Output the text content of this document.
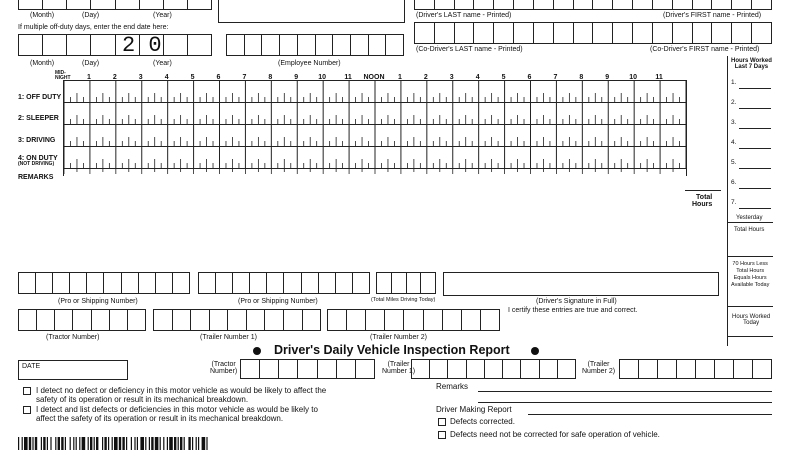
(Month)	(Day)	(Year)	(Driver's LAST name - Printed)	(Driver's FIRST name - Printed)
If multiple off-duty days, enter the end date here:
2 0	(Co-Driver's LAST name - Printed)	(Co-Driver's FIRST name - Printed)
(Month)	(Day)	(Year)	(Employee Number)
MID-
NIGHT 1	2	3	4	5	6	7	8	9	10	11 NOON 1	2	3	4	5	6	7	8	9	10	11
1: OFF DUTY
2: SLEEPER
3: DRIVING
4: ON DUTY
(NOT DRIVING)
REMARKS
Total
Hours
Hours Worked
Last 7 Days
1.
2.
3.
4.
5.
6.
7.
Yesterday
Total Hours
70 Hours Less
Total Hours
Equals Hours
Available Today
Hours Worked
Today
(Pro or Shipping Number)	(Pro or Shipping Number)	(Total Miles Driving Today)	(Driver's Signature in Full)
I certify these entries are true and correct.
(Tractor Number)	(Trailer Number 1)	(Trailer Number 2)
Driver's Daily Vehicle Inspection Report
DATE	(Tractor
Number)
(Trailer
Number 1)
(Trailer
Number 2)
I detect no defect or deficiency in this motor vehicle as would be likely to affect the
safety of its operation or result in its mechanical breakdown.
I detect and list defects or deficiencies in this motor vehicle as would be likely to
affect the safety of its operation or result in its mechanical breakdown.
Remarks
Driver Making Report
Defects corrected.
Defects need not be corrected for safe operation of vehicle.
